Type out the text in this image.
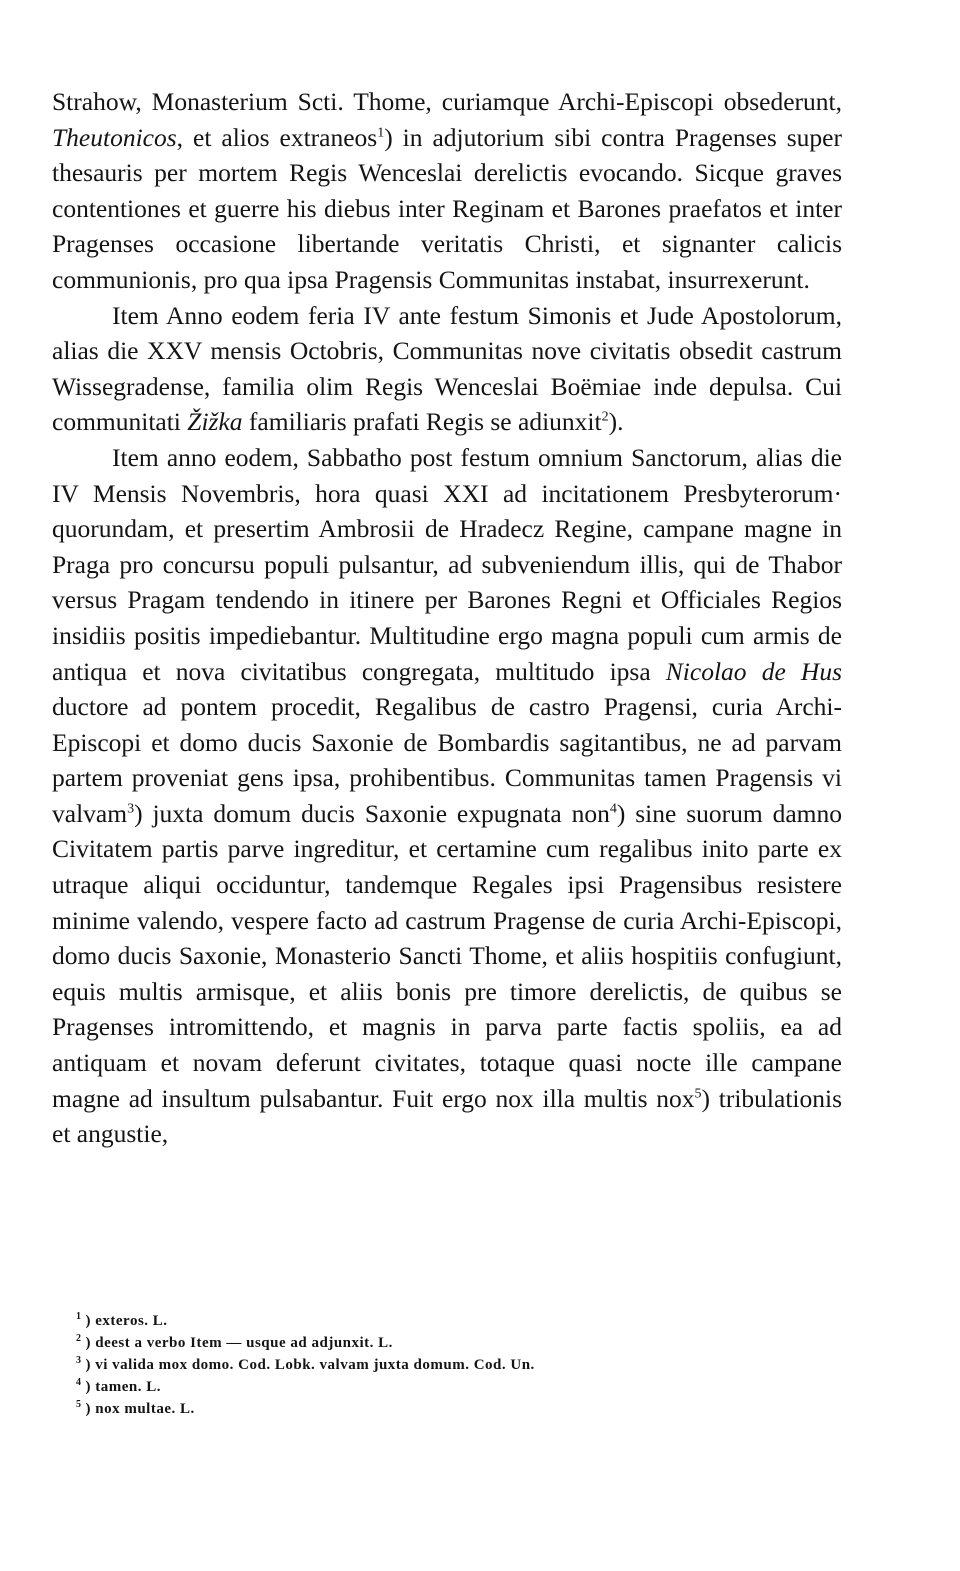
Strahow, Monasterium Scti. Thome, curiamque Archi-Episcopi obsederunt, Theutonicos, et alios extraneos$^1$) in adjutorium sibi contra Pragenses super thesauris per mortem Regis Wenceslai derelictis evocando. Sicque graves contentiones et guerre his diebus inter Reginam et Barones praefatos et inter Pragenses occasione libertande veritatis Christi, et signanter calicis communionis, pro qua ipsa Pragensis Communitas instabat, insurrexerunt.

Item Anno eodem feria IV ante festum Simonis et Jude Apostolorum, alias die XXV mensis Octobris, Communitas nove civitatis obsedit castrum Wissegradense, familia olim Regis Wenceslai Boëmiae inde depulsa. Cui communitati Žižka familiaris prafati Regis se adiunxit$^2$).

Item anno eodem, Sabbatho post festum omnium Sanctorum, alias die IV Mensis Novembris, hora quasi XXI ad incitationem Presbyterorum· quorundam, et presertim Ambrosii de Hradecz Regine, campane magne in Praga pro concursu populi pulsantur, ad subveniendum illis, qui de Thabor versus Pragam tendendo in itinere per Barones Regni et Officiales Regios insidiis positis impediebantur. Multitudine ergo magna populi cum armis de antiqua et nova civitatibus congregata, multitudo ipsa Nicolao de Hus ductore ad pontem procedit, Regalibus de castro Pragensi, curia Archi-Episcopi et domo ducis Saxonie de Bombardis sagitantibus, ne ad parvam partem proveniat gens ipsa, prohibentibus. Communitas tamen Pragensis vi valvam$^3$) juxta domum ducis Saxonie expugnata non$^4$) sine suorum damno Civitatem partis parve ingreditur, et certamine cum regalibus inito parte ex utraque aliqui occiduntur, tandemque Regales ipsi Pragensibus resistere minime valendo, vespere facto ad castrum Pragense de curia Archi-Episcopi, domo ducis Saxonie, Monasterio Sancti Thome, et aliis hospitiis confugiunt, equis multis armisque, et aliis bonis pre timore derelictis, de quibus se Pragenses intromittendo, et magnis in parva parte factis spoliis, ea ad antiquam et novam deferunt civitates, totaque quasi nocte ille campane magne ad insultum pulsabantur. Fuit ergo nox illa multis nox$^5$) tribulationis et angustie,

$^1$ ) exteros. L.
$^2$ ) deest a verbo Item — usque ad adjunxit. L.
$^3$ ) vi valida mox domo. Cod. Lobk. valvam juxta domum. Cod. Un.
$^4$ ) tamen. L.
$^5$ ) nox multae. L.
